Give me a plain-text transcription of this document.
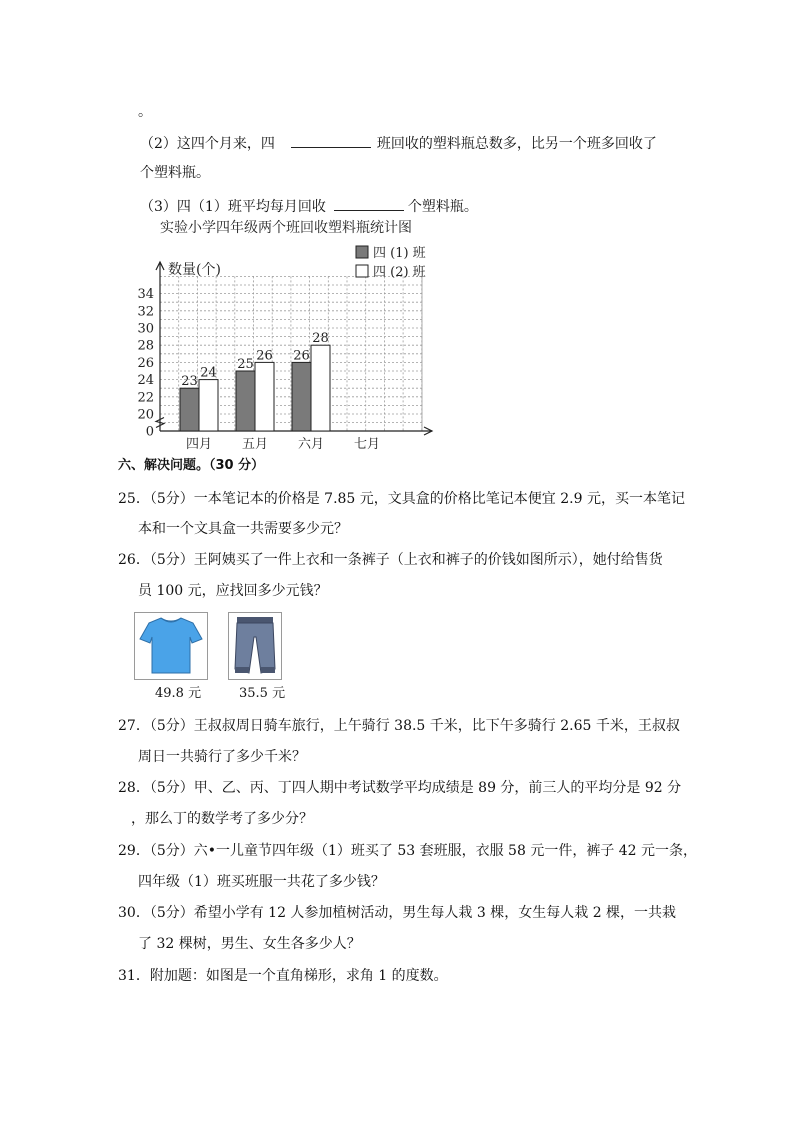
。
（2）这四个月来，四	班回收的塑料瓶总数多，比另一个班多回收了
个塑料瓶。
（3）四（1）班平均每月回收	个塑料瓶。
实验小学四年级两个班回收塑料瓶统计图
数量(个)
0
20
22
24
26
28
30
32
34
23
24
25
26 26
28
四月 五月 六月 七月
四 (1) 班
四 (2) 班
六、解决问题。（30 分）
25．（5分）一本笔记本的价格是 7.85 元，文具盒的价格比笔记本便宜 2.9 元，买一本笔记
本和一个文具盒一共需要多少元？
26．（5分）王阿姨买了一件上衣和一条裤子（上衣和裤子的价钱如图所示），她付给售货
员 100 元，应找回多少元钱？
49.8 元	35.5 元
27．（5分）王叔叔周日骑车旅行，上午骑行 38.5 千米，比下午多骑行 2.65 千米，王叔叔
周日一共骑行了多少千米？
28．（5分）甲、乙、丙、丁四人期中考试数学平均成绩是 89 分，前三人的平均分是 92 分
，那么丁的数学考了多少分？
29．（5分）六•一儿童节四年级（1）班买了 53 套班服，衣服 58 元一件，裤子 42 元一条，
四年级（1）班买班服一共花了多少钱？
30．（5分）希望小学有 12 人参加植树活动，男生每人栽 3 棵，女生每人栽 2 棵，一共栽
了 32 棵树，男生、女生各多少人？
31．附加题：如图是一个直角梯形，求角 1 的度数。
